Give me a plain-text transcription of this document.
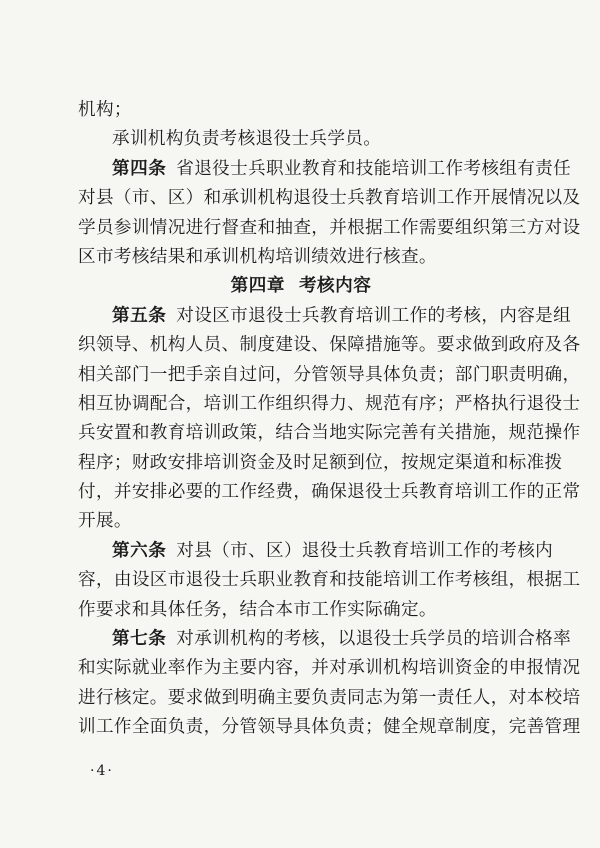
机构；
承训机构负责考核退役士兵学员。
第四条 省退役士兵职业教育和技能培训工作考核组有责任
对县（市、区）和承训机构退役士兵教育培训工作开展情况以及
学员参训情况进行督查和抽查，并根据工作需要组织第三方对设
区市考核结果和承训机构培训绩效进行核查。
第四章 考核内容
第五条 对设区市退役士兵教育培训工作的考核，内容是组
织领导、机构人员、制度建设、保障措施等。要求做到政府及各
相关部门一把手亲自过问，分管领导具体负责；部门职责明确，
相互协调配合，培训工作组织得力、规范有序；严格执行退役士
兵安置和教育培训政策，结合当地实际完善有关措施，规范操作
程序；财政安排培训资金及时足额到位，按规定渠道和标准拨
付，并安排必要的工作经费，确保退役士兵教育培训工作的正常
开展。
第六条 对县（市、区）退役士兵教育培训工作的考核内
容，由设区市退役士兵职业教育和技能培训工作考核组，根据工
作要求和具体任务，结合本市工作实际确定。
第七条 对承训机构的考核，以退役士兵学员的培训合格率
和实际就业率作为主要内容，并对承训机构培训资金的申报情况
进行核定。要求做到明确主要负责同志为第一责任人，对本校培
训工作全面负责，分管领导具体负责；健全规章制度，完善管理
·4·
